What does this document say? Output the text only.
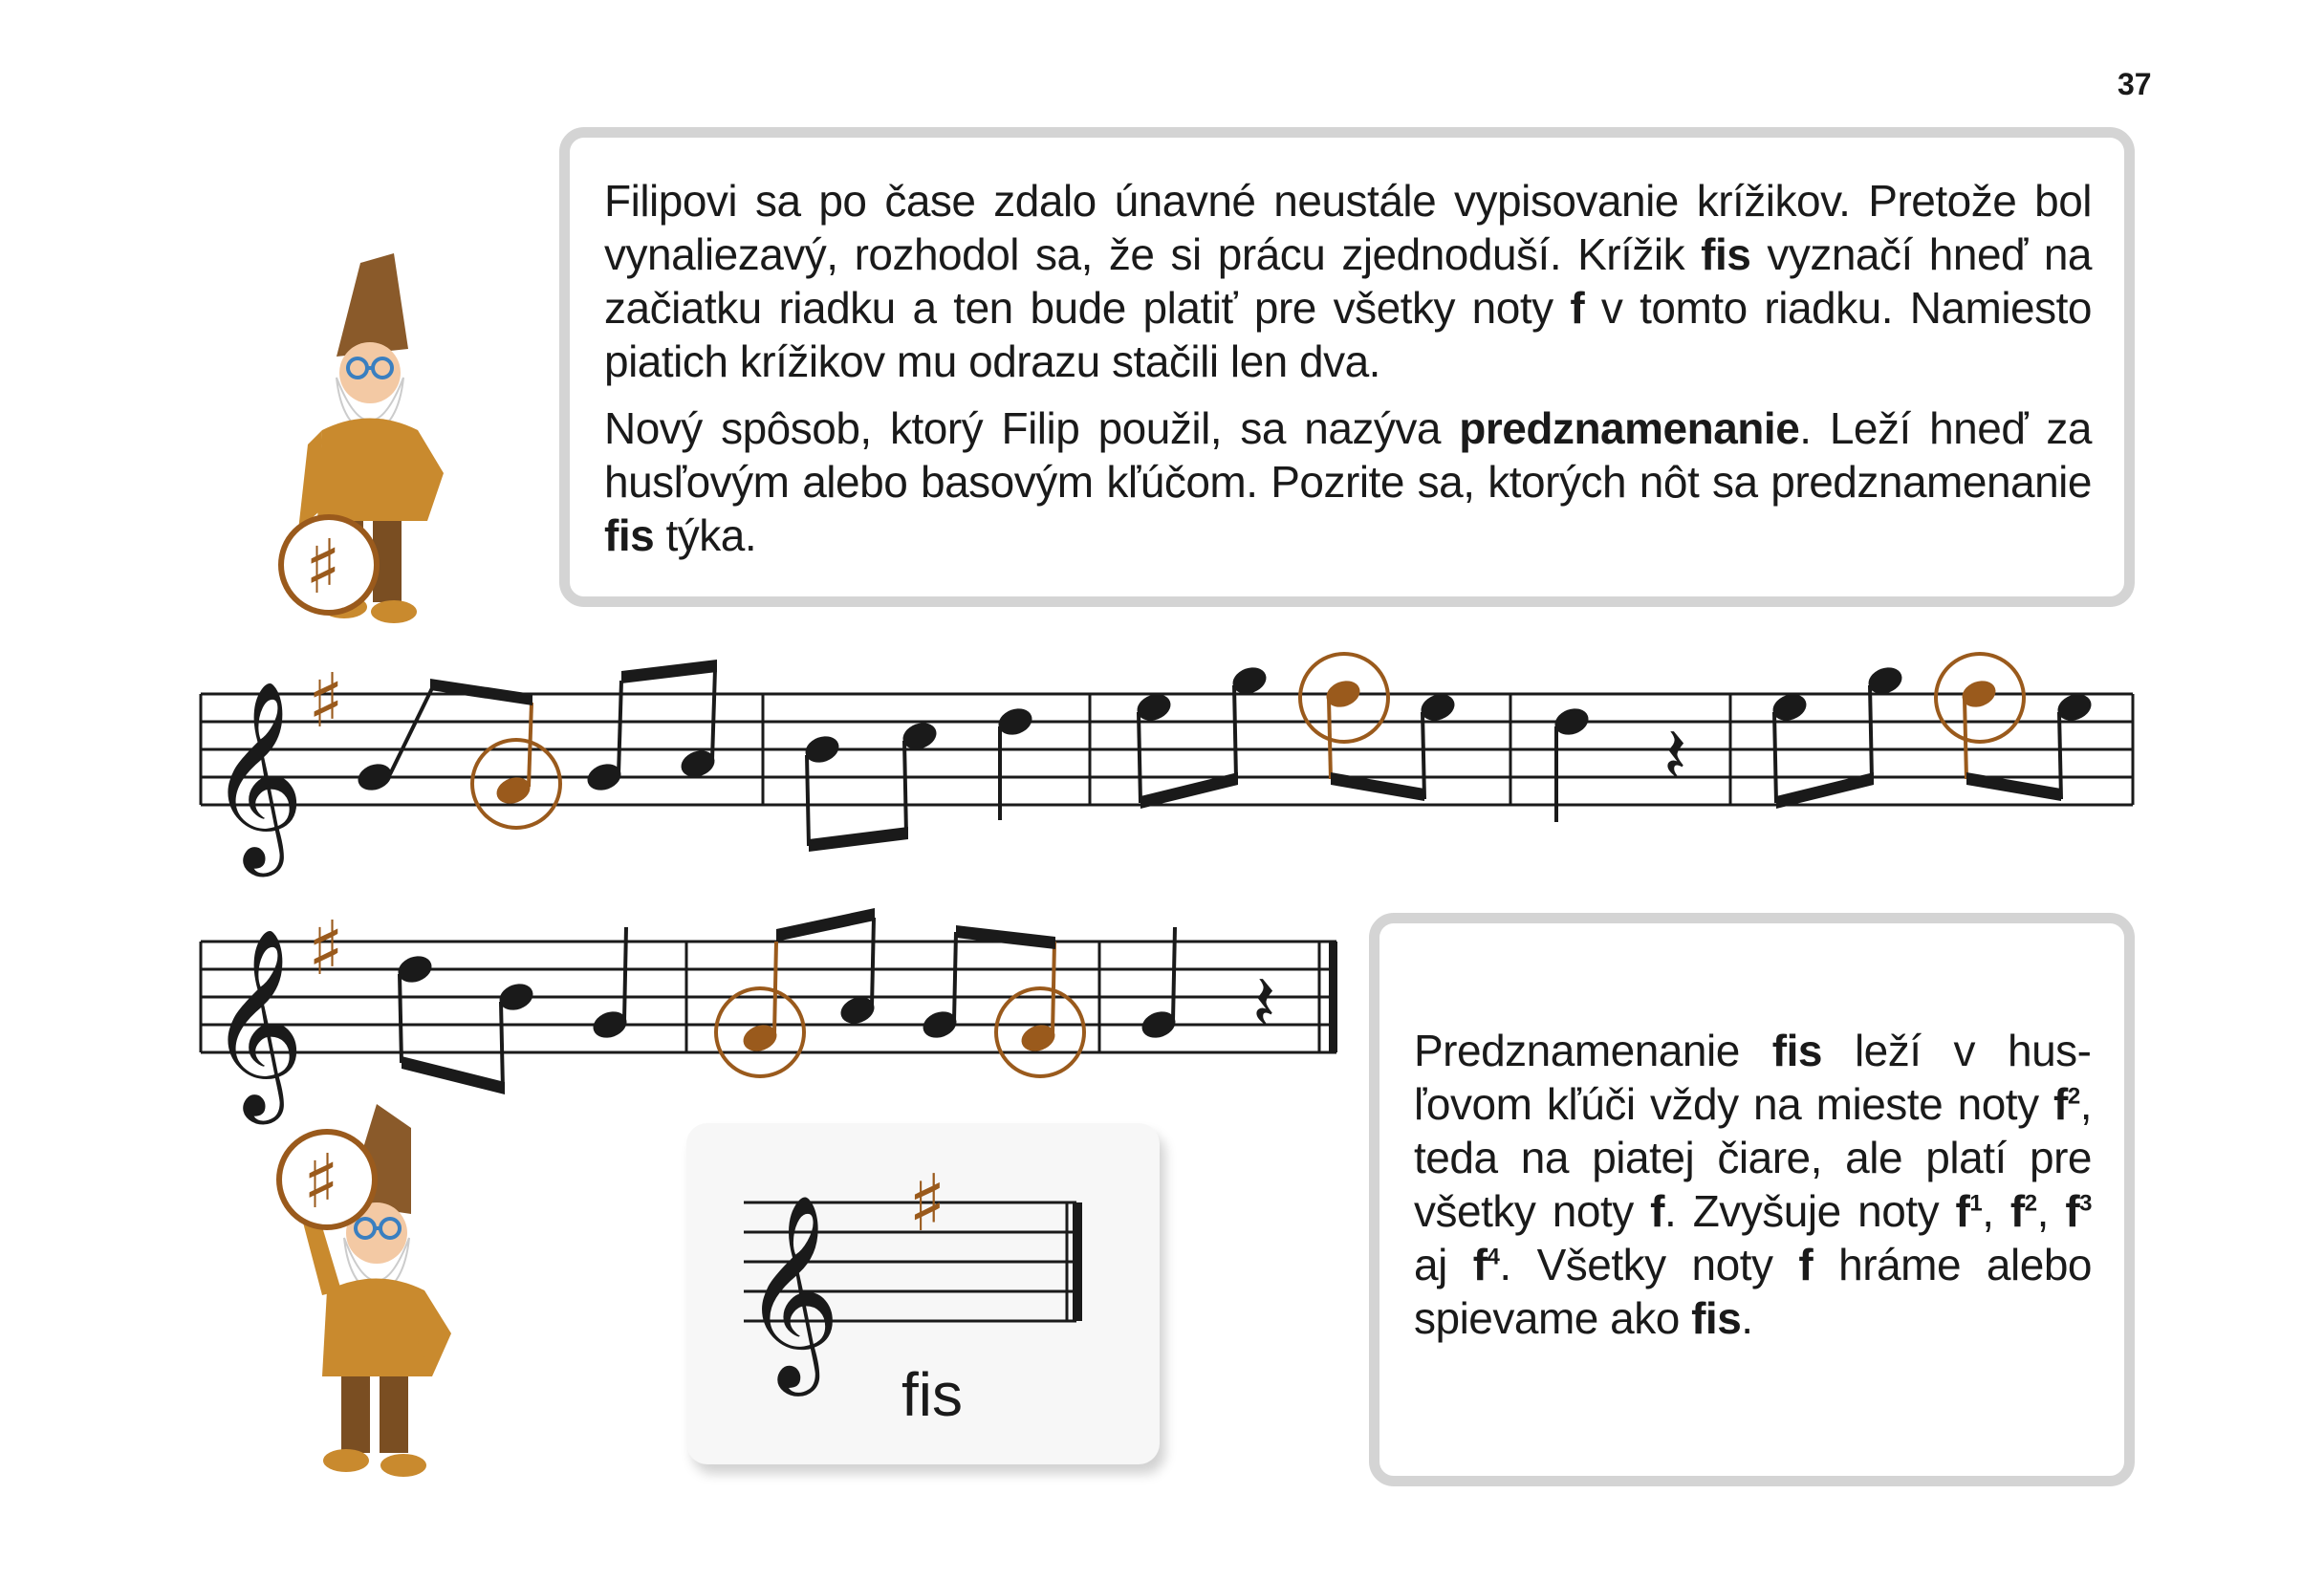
37

Filipovi sa po čase zdalo únavné neustále vypisovanie krížikov. Pretože bol vynaliezavý, rozhodol sa, že si prácu zjednoduší. Krížik fis vyznačí hneď na začiatku riadku a ten bude platiť pre všetky noty f v tomto riadku. Namiesto piatich krížikov mu odrazu stačili len dva.

Nový spôsob, ktorý Filip použil, sa nazýva predznamenanie. Leží hneď za husľovým alebo basovým kľúčom. Pozrite sa, ktorých nôt sa predznamenanie fis týka.

Predznamenanie fis leží v husľovom kľúči vždy na mieste noty $f^2$, teda na piatej čiare, ale platí pre všetky noty f. Zvyšuje noty $f^1$, $f^2$, $f^3$ aj $f^4$. Všetky noty f hráme alebo spievame ako fis.

𝄞 ♯
𝄽
𝄞 ♯
𝄽
𝄞 ♯
fis
♯
♯
